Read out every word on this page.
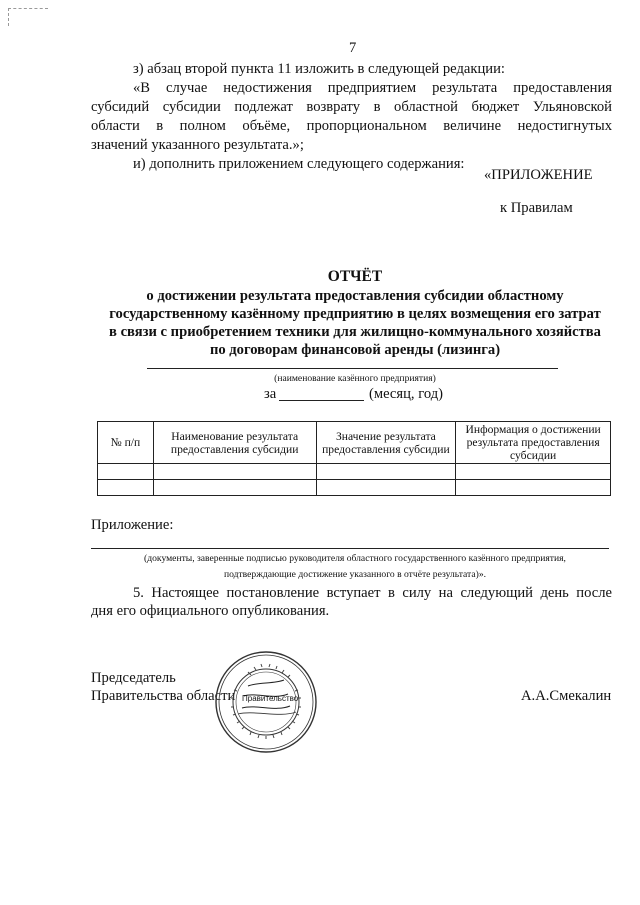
7
з) абзац второй пункта 11 изложить в следующей редакции:
«В случае недостижения предприятием результата предоставления
субсидий субсидии подлежат возврату в областной бюджет Ульяновской
области в полном объёме, пропорциональном величине недостигнутых
значений указанного результата.»;
и) дополнить приложением следующего содержания:
«ПРИЛОЖЕНИЕ
к Правилам
ОТЧЁТ
о достижении результата предоставления субсидии областному
государственному казённому предприятию в целях возмещения его затрат
в связи с приобретением техники для жилищно-коммунального хозяйства
по договорам финансовой аренды (лизинга)
(наименование казённого предприятия)
за	(месяц, год)
№ п/п	Наименование результата предоставления субсидии	Значение результата предоставления субсидии	Информация о достижении результата предоставления субсидии

Приложение:
(документы, заверенные подписью руководителя областного государственного казённого предприятия,
подтверждающие достижение указанного в отчёте результата)».
5. Настоящее постановление вступает в силу на следующий день после
дня его официального опубликования.
Председатель
Правительства области	А.А.Смекалин
Правительство
